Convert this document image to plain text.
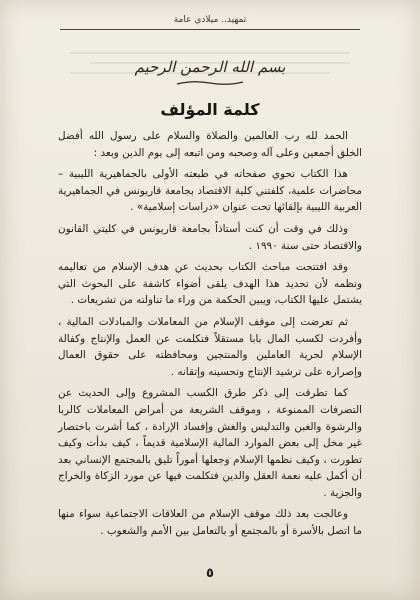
تمهيد.. ميلادي عامة
بسم الله الرحمن الرحيم
كلمة المؤلف

الحمد لله رب العالمين والصلاة والسلام على رسول الله أفضل الخلق أجمعين وعلى آله وصحبه ومن اتبعه إلى يوم الدين وبعد :

هذا الكتاب تحوي صفحاته في طبعته الأولى بالجماهيرية الليبية – محاضرات علمية، كلفتني كلية الاقتصاد بجامعة قاريونس في الجماهيرية العربية الليبية بإلقائها تحت عنوان «دراسات إسلامية» .

وذلك في وقت أن كنت أستاذاً بجامعة قاريونس في كليتي القانون والاقتصاد حتى سنة ١٩٩٠ .

وقد افتتحت مباحث الكتاب بحديث عن هدف الإسلام من تعاليمه ونظمه لأن تحديد هذا الهدف يلقى أضواء كاشفة على البحوث التي يشتمل عليها الكتاب، ويبين الحكمة من وراء ما تناولته من تشريعات .

ثم تعرضت إلى موقف الإسلام من المعاملات والمبادلات المالية ، وأفردت لكسب المال بابا مستقلاً فتكلمت عن العمل والإنتاج وكفالة الإسلام لحرية العاملين والمنتجين ومحافظته على حقوق العمال وإصراره على ترشيد الإنتاج وتحسينه وإتقانه .

كما تطرقت إلى ذكر طرق الكسب المشروع وإلى الحديث عن التصرفات الممنوعة ، وموقف الشريعة من أمراض المعاملات كالربا والرشوة والغبن والتدليس والغش وإفساد الإرادة ، كما أشرت باختصار غير مخل إلى بعض الموارد المالية الإسلامية قديماً ، كيف بدأت وكيف تطورت ، وكيف نظمها الإسلام وجعلها أموراً تليق بالمجتمع الإنساني بعد أن أكمل عليه نعمة العقل والدين فتكلمت فيها عن مورد الزكاة والخراج والجزية .

وعالجت بعد ذلك موقف الإسلام من العلاقات الاجتماعية سواء منها ما اتصل بالأسرة أو بالمجتمع أو بالتعامل بين الأمم والشعوب .

٥
